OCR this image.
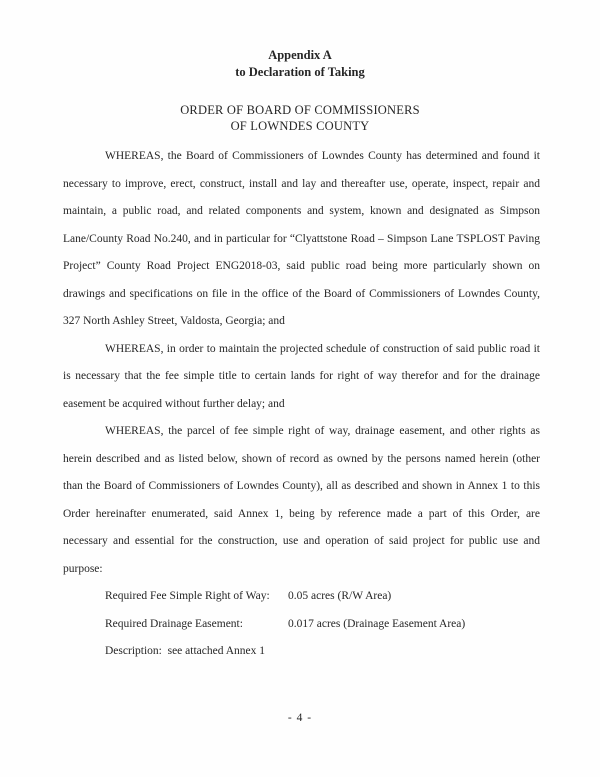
Appendix A
to Declaration of Taking
ORDER OF BOARD OF COMMISSIONERS
OF LOWNDES COUNTY

WHEREAS, the Board of Commissioners of Lowndes County has determined and found it necessary to improve, erect, construct, install and lay and thereafter use, operate, inspect, repair and maintain, a public road, and related components and system, known and designated as Simpson Lane/County Road No.240, and in particular for “Clyattstone Road – Simpson Lane TSPLOST Paving Project” County Road Project ENG2018-03, said public road being more particularly shown on drawings and specifications on file in the office of the Board of Commissioners of Lowndes County, 327 North Ashley Street, Valdosta, Georgia; and

WHEREAS, in order to maintain the projected schedule of construction of said public road it is necessary that the fee simple title to certain lands for right of way therefor and for the drainage easement be acquired without further delay; and

WHEREAS, the parcel of fee simple right of way, drainage easement, and other rights as herein described and as listed below, shown of record as owned by the persons named herein (other than the Board of Commissioners of Lowndes County), all as described and shown in Annex 1 to this Order hereinafter enumerated, said Annex 1, being by reference made a part of this Order, are necessary and essential for the construction, use and operation of said project for public use and purpose:

Required Fee Simple Right of Way:	0.05 acres (R/W Area)
Required Drainage Easement:	0.017 acres (Drainage Easement Area)
Description:  see attached Annex 1
- 4 -
